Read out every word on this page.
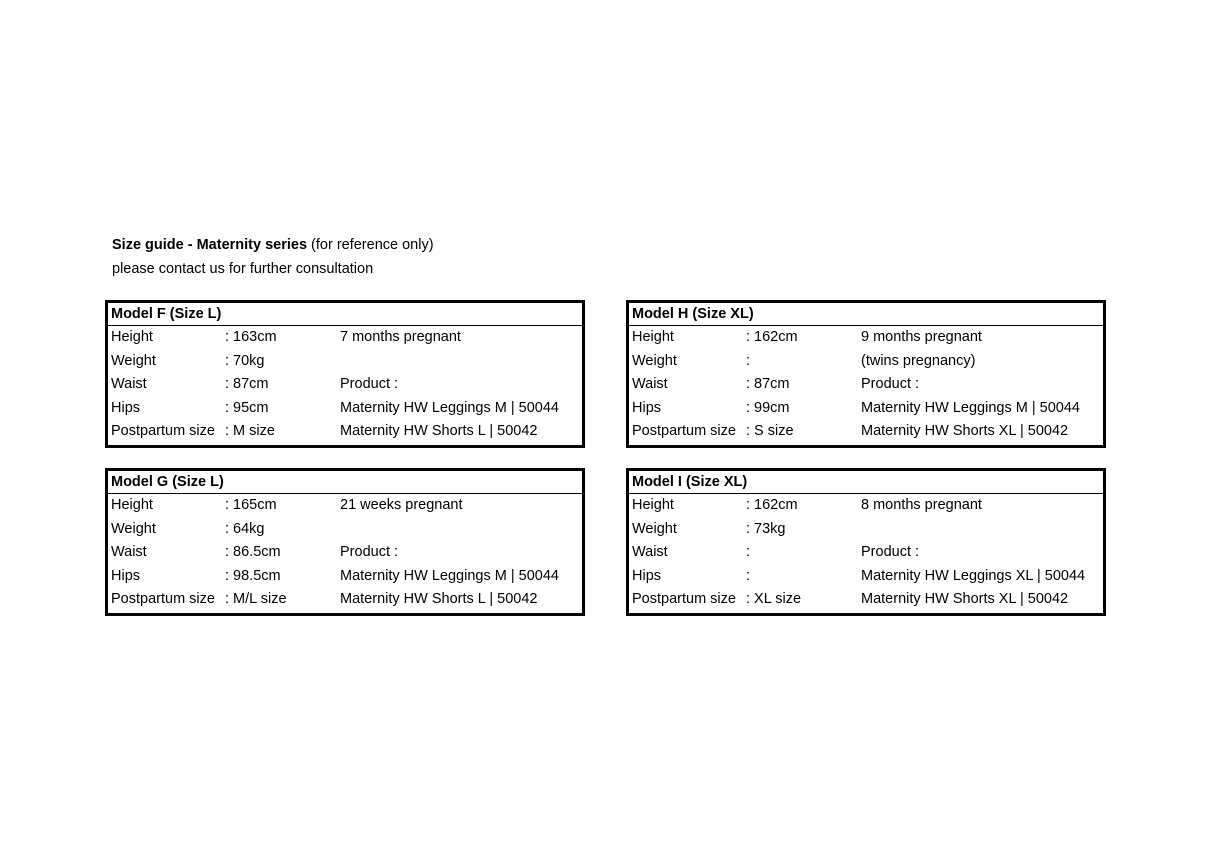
Size guide - Maternity series (for reference only)
please contact us for further consultation
Model F (Size L)
Height	: 163cm	7 months pregnant
Weight	: 70kg
Waist	: 87cm	Product :
Hips	: 95cm	Maternity HW Leggings M | 50044
Postpartum size : M size	Maternity HW Shorts L | 50042
Model H (Size XL)
Height	: 162cm	9 months pregnant
Weight	:	(twins pregnancy)
Waist	: 87cm	Product :
Hips	: 99cm	Maternity HW Leggings M | 50044
Postpartum size : S size	Maternity HW Shorts XL | 50042
Model G (Size L)
Height	: 165cm	21 weeks pregnant
Weight	: 64kg
Waist	: 86.5cm	Product :
Hips	: 98.5cm	Maternity HW Leggings M | 50044
Postpartum size : M/L size	Maternity HW Shorts L | 50042
Model I (Size XL)
Height	: 162cm	8 months pregnant
Weight	: 73kg
Waist	:	Product :
Hips	:	Maternity HW Leggings XL | 50044
Postpartum size : XL size	Maternity HW Shorts XL | 50042
